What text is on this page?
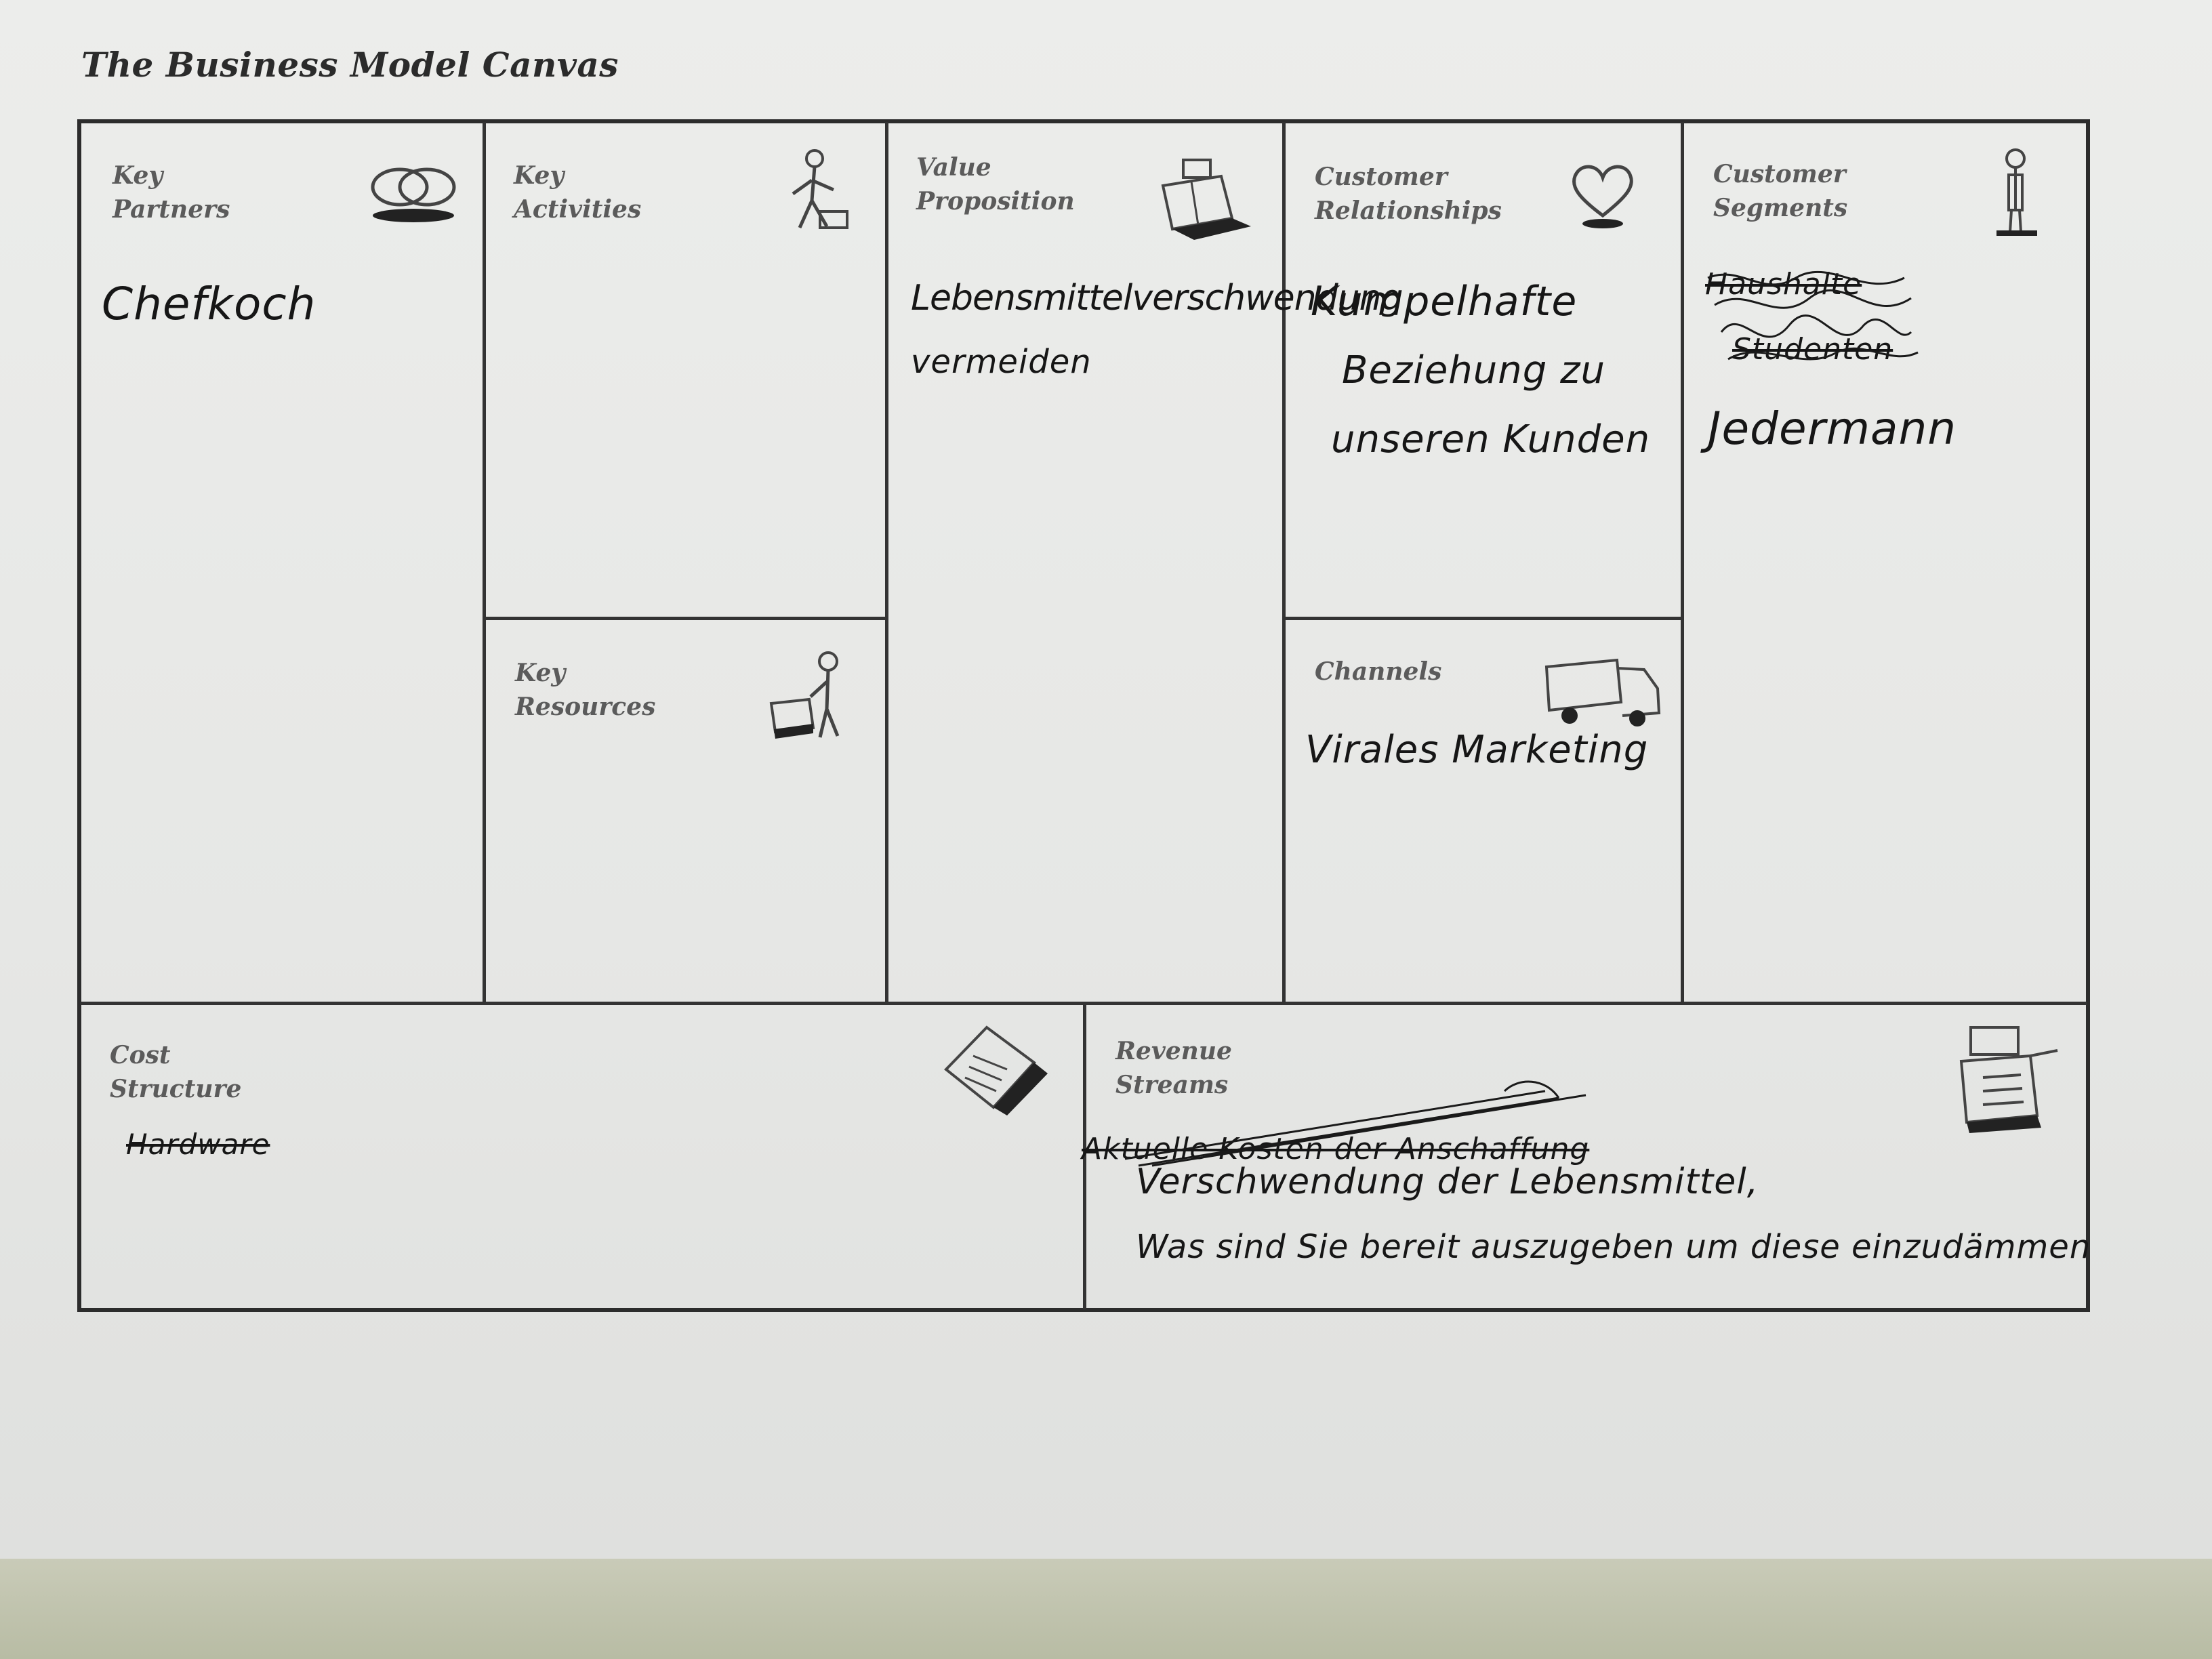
The Business Model Canvas
Key
Partners
Chefkoch
Key
Activities
Key
Resources
Value
Proposition
Lebensmittelverschwendung
vermeiden
Customer
Relationships
Kumpelhafte
Beziehung zu
unseren Kunden
Channels
Virales Marketing
Customer
Segments
Haushalte
Studenten
Jedermann
Cost
Structure
Hardware
Revenue
Streams
Aktuelle Kosten der Anschaffung
Verschwendung der Lebensmittel,
Was sind Sie bereit auszugeben um diese einzudämmen
